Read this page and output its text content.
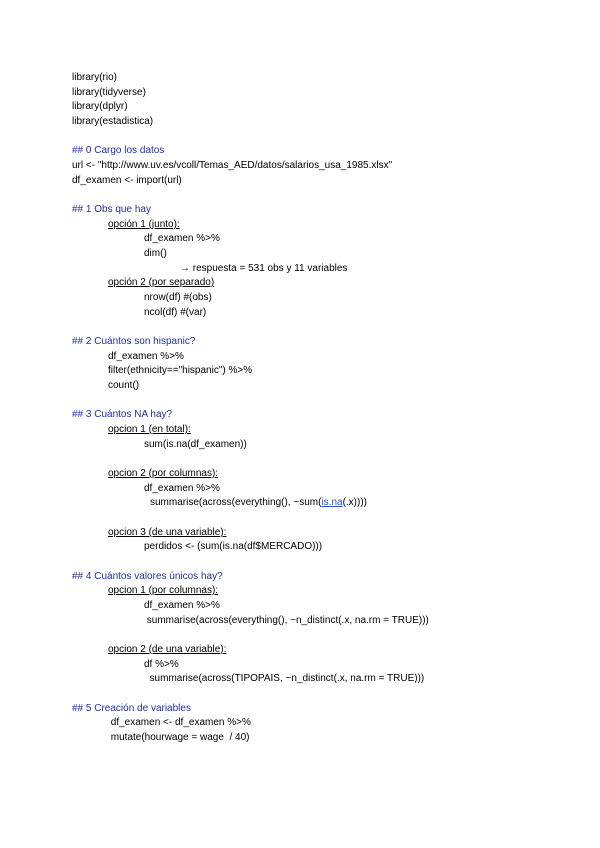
library(rio)
library(tidyverse)
library(dplyr)
library(estadistica)
## 0 Cargo los datos
url <- "http://www.uv.es/vcoll/Temas_AED/datos/salarios_usa_1985.xlsx"
df_examen <- import(url)
## 1 Obs que hay
opción 1 (junto):
df_examen %>%
dim()
→ respuesta = 531 obs y 11 variables
opción 2 (por separado)
nrow(df) #(obs)
ncol(df) #(var)
## 2 Cuántos son hispanic?
df_examen %>%
filter(ethnicity=="hispanic") %>%
count()
## 3 Cuántos NA hay?
opcion 1 (en total):
sum(is.na(df_examen))
opcion 2 (por columnas):
df_examen %>%
summarise(across(everything(), ~sum(is.na(.x))))
opcion 3 (de una variable):
perdidos <- (sum(is.na(df$MERCADO)))
## 4 Cuántos valores únicos hay?
opcion 1 (por columnas):
df_examen %>%
summarise(across(everything(), ~n_distinct(.x, na.rm = TRUE)))
opcion 2 (de una variable):
df %>%
summarise(across(TIPOPAIS, ~n_distinct(.x, na.rm = TRUE)))
## 5 Creación de variables
df_examen <- df_examen %>%
mutate(hourwage = wage  / 40)
